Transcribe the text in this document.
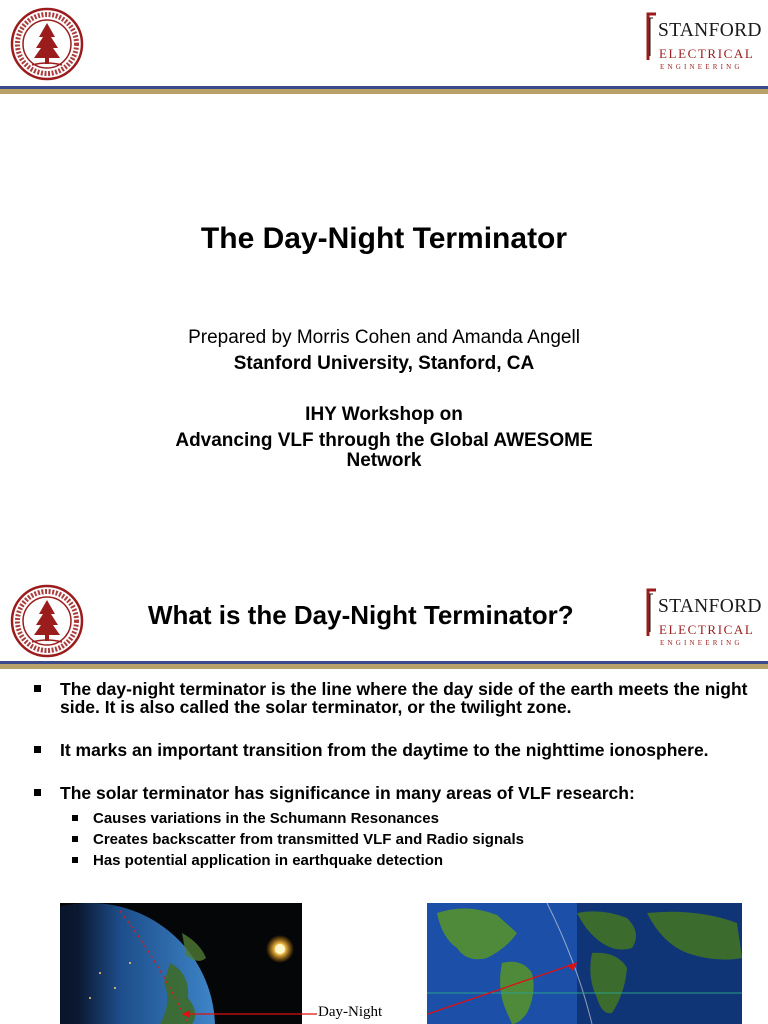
STANFORD
ELECTRICAL
ENGINEERING
The Day-Night Terminator
Prepared by Morris Cohen and Amanda Angell
Stanford University, Stanford, CA
IHY Workshop on
Advancing VLF through the Global AWESOME
Network
What is the Day-Night Terminator?	STANFORD
ELECTRICAL
ENGINEERING
The day-night terminator is the line where the day side of the earth meets the night side. It is also called the solar terminator, or the twilight zone.
It marks an important transition from the daytime to the nighttime ionosphere.
The solar terminator has significance in many areas of VLF research:
Causes variations in the Schumann Resonances
Creates backscatter from transmitted VLF and Radio signals
Has potential application in earthquake detection
Day-Night
